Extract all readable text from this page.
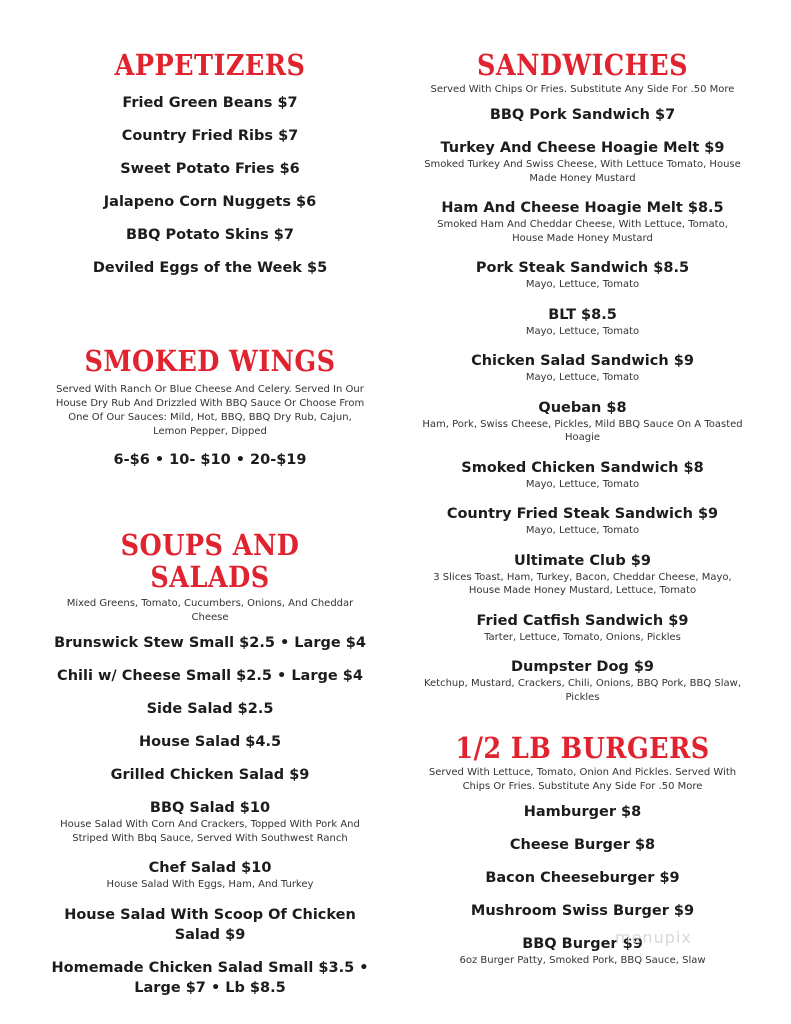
APPETIZERS
Fried Green Beans $7
Country Fried Ribs $7
Sweet Potato Fries $6
Jalapeno Corn Nuggets $6
BBQ Potato Skins $7
Deviled Eggs of the Week $5
SMOKED WINGS
Served With Ranch Or Blue Cheese And Celery. Served In Our House Dry Rub And Drizzled With BBQ Sauce Or Choose From One Of Our Sauces: Mild, Hot, BBQ, BBQ Dry Rub, Cajun, Lemon Pepper, Dipped
6-$6 • 10- $10 • 20-$19
SOUPS AND SALADS
Mixed Greens, Tomato, Cucumbers, Onions, And Cheddar Cheese
Brunswick Stew Small $2.5 • Large $4
Chili w/ Cheese Small $2.5 • Large $4
Side Salad $2.5
House Salad $4.5
Grilled Chicken Salad $9
BBQ Salad $10
House Salad With Corn And Crackers, Topped With Pork And Striped With Bbq Sauce, Served With Southwest Ranch
Chef Salad $10
House Salad With Eggs, Ham, And Turkey
House Salad With Scoop Of Chicken Salad $9
Homemade Chicken Salad Small $3.5 • Large $7 • Lb $8.5
SANDWICHES
Served With Chips Or Fries. Substitute Any Side For .50 More
BBQ Pork Sandwich $7
Turkey And Cheese Hoagie Melt $9
Smoked Turkey And Swiss Cheese, With Lettuce Tomato, House Made Honey Mustard
Ham And Cheese Hoagie Melt $8.5
Smoked Ham And Cheddar Cheese, With Lettuce, Tomato, House Made Honey Mustard
Pork Steak Sandwich $8.5
Mayo, Lettuce, Tomato
BLT $8.5
Mayo, Lettuce, Tomato
Chicken Salad Sandwich $9
Mayo, Lettuce, Tomato
Queban $8
Ham, Pork, Swiss Cheese, Pickles, Mild BBQ Sauce On A Toasted Hoagie
Smoked Chicken Sandwich $8
Mayo, Lettuce, Tomato
Country Fried Steak Sandwich $9
Mayo, Lettuce, Tomato
Ultimate Club $9
3 Slices Toast, Ham, Turkey, Bacon, Cheddar Cheese, Mayo, House Made Honey Mustard, Lettuce, Tomato
Fried Catfish Sandwich $9
Tarter, Lettuce, Tomato, Onions, Pickles
Dumpster Dog $9
Ketchup, Mustard, Crackers, Chili, Onions, BBQ Pork, BBQ Slaw, Pickles
1/2 LB BURGERS
Served With Lettuce, Tomato, Onion And Pickles. Served With Chips Or Fries. Substitute Any Side For .50 More
Hamburger $8
Cheese Burger $8
Bacon Cheeseburger $9
Mushroom Swiss Burger $9
BBQ Burger $9
6oz Burger Patty, Smoked Pork, BBQ Sauce, Slaw
menupix
